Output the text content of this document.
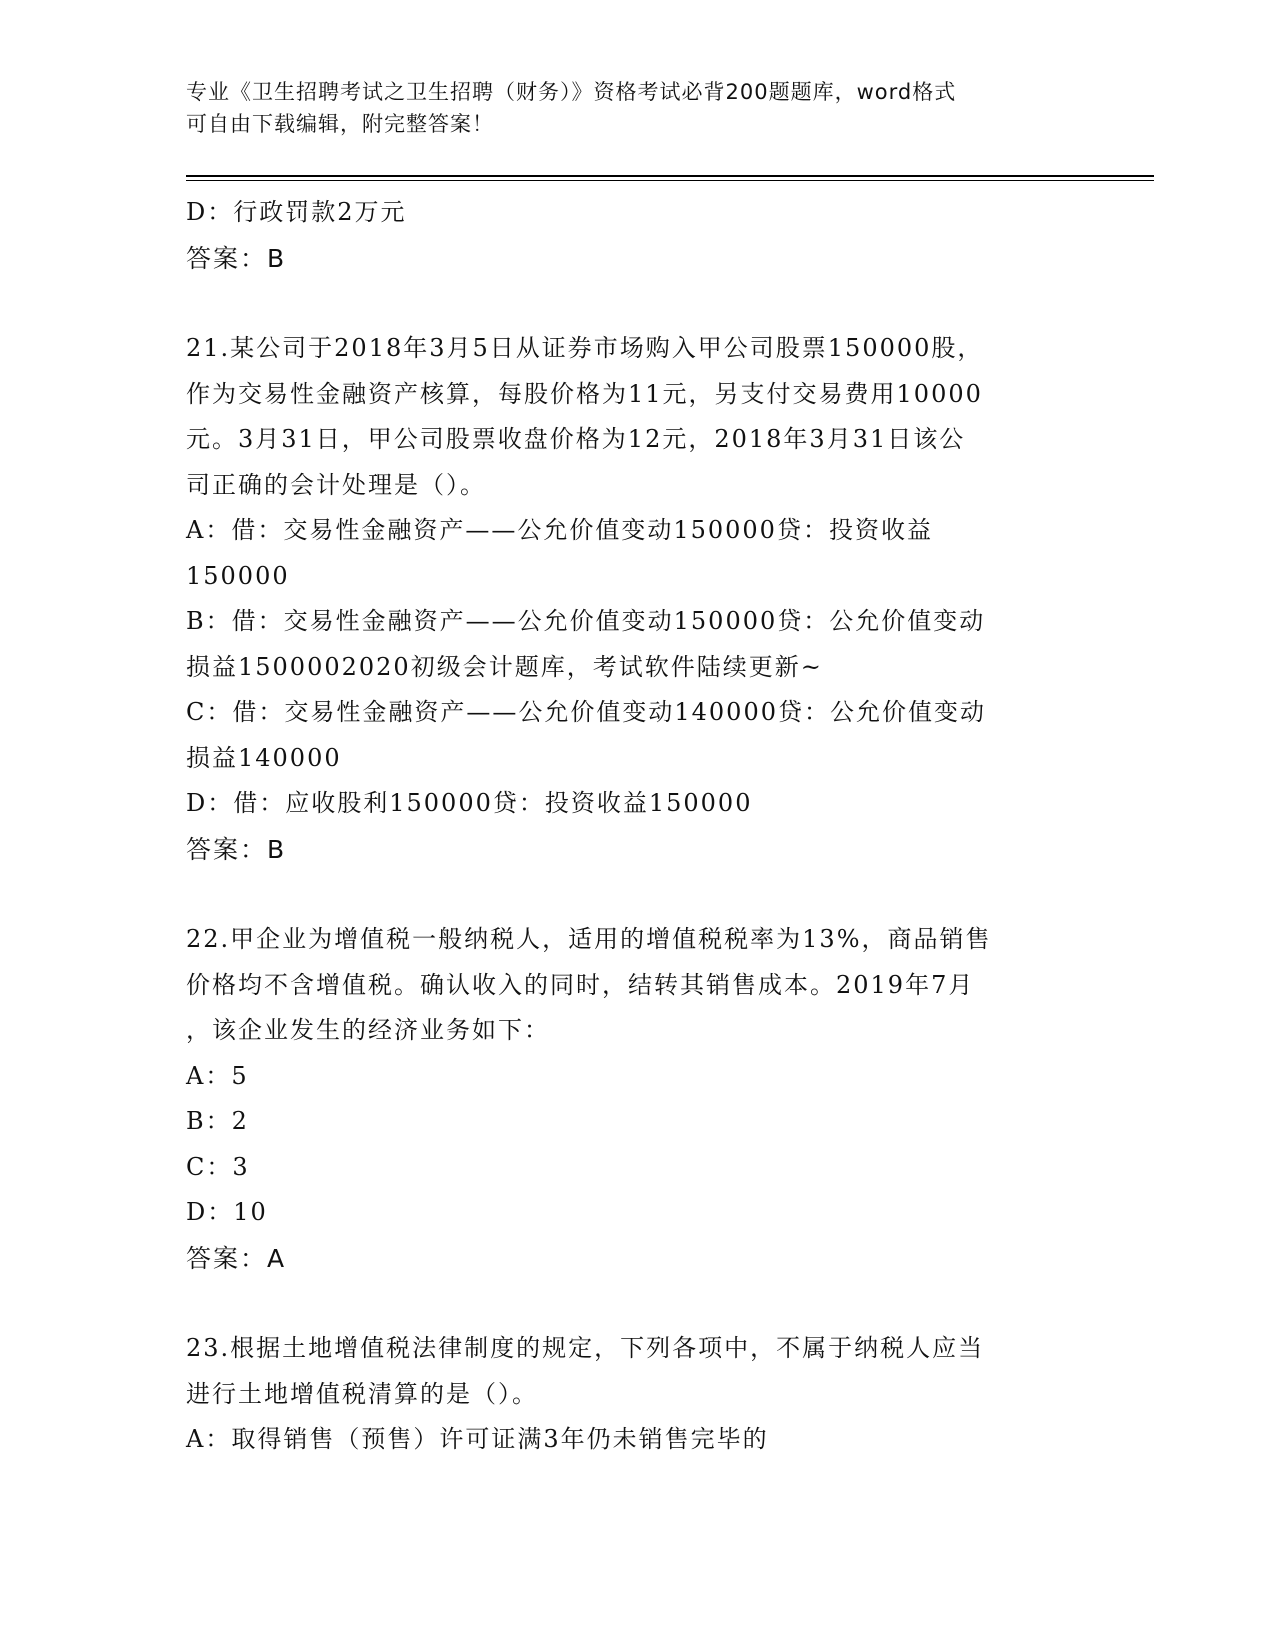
专业《卫生招聘考试之卫生招聘（财务）》资格考试必背200题题库，word格式
可自由下载编辑，附完整答案！
D：行政罚款2万元
答案：B
21.某公司于2018年3月5日从证券市场购入甲公司股票150000股，
作为交易性金融资产核算，每股价格为11元，另支付交易费用10000
元。3月31日，甲公司股票收盘价格为12元，2018年3月31日该公
司正确的会计处理是（）。
A：借：交易性金融资产——公允价值变动150000贷：投资收益
150000
B：借：交易性金融资产——公允价值变动150000贷：公允价值变动
损益1500002020初级会计题库，考试软件陆续更新~
C：借：交易性金融资产——公允价值变动140000贷：公允价值变动
损益140000
D：借：应收股利150000贷：投资收益150000
答案：B
22.甲企业为增值税一般纳税人，适用的增值税税率为13%，商品销售
价格均不含增值税。确认收入的同时，结转其销售成本。2019年7月
，该企业发生的经济业务如下：
A：5
B：2
C：3
D：10
答案：A
23.根据土地增值税法律制度的规定，下列各项中，不属于纳税人应当
进行土地增值税清算的是（）。
A：取得销售（预售）许可证满3年仍未销售完毕的
